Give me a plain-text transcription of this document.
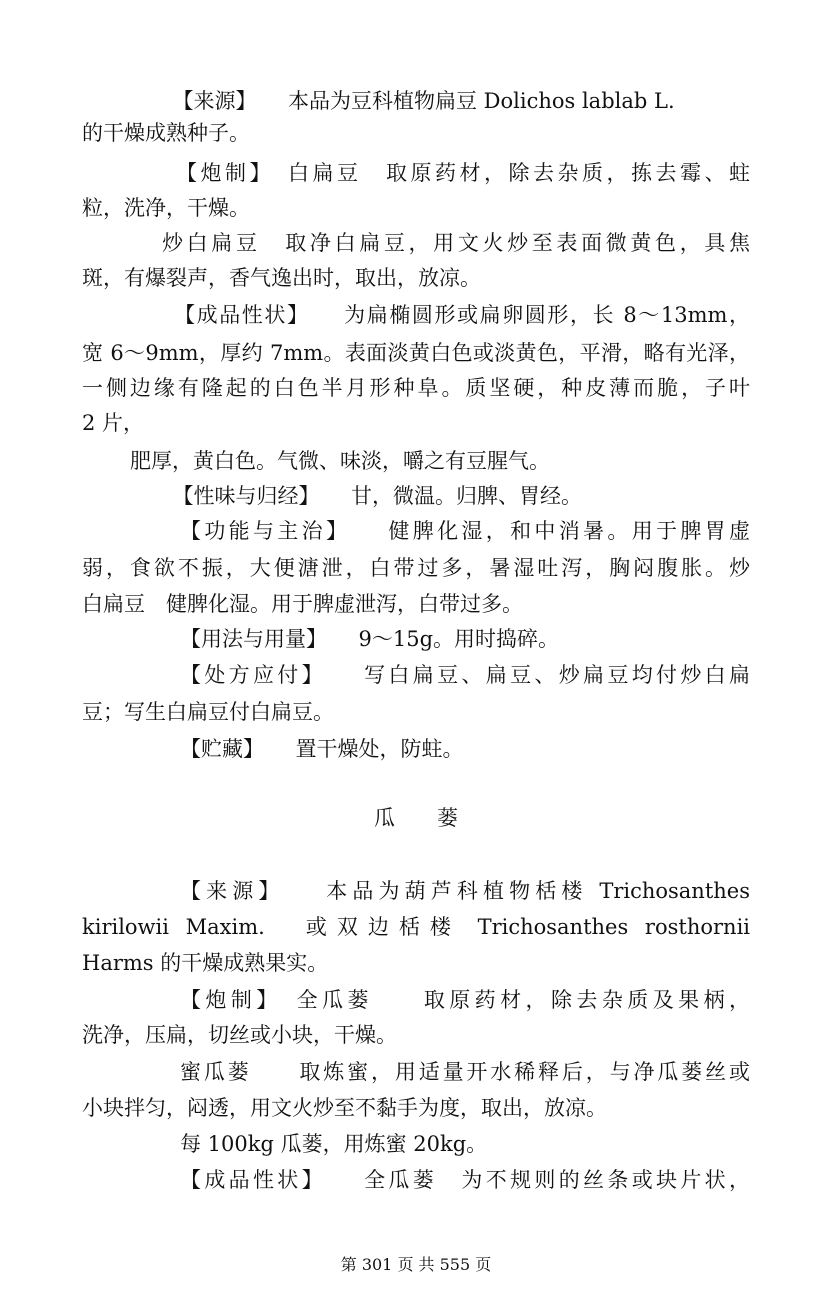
　【来源】　　本品为豆科植物扁豆 Dolichos lablab L.

的干燥成熟种子。

　【炮制】　白扁豆　取原药材，除去杂质，拣去霉、蛀

粒，洗净，干燥。

炒白扁豆　取净白扁豆，用文火炒至表面微黄色，具焦

斑，有爆裂声，香气逸出时，取出，放凉。

　【成品性状】　　为扁椭圆形或扁卵圆形，长 8～13mm，

宽 6～9mm，厚约 7mm。表面淡黄白色或淡黄色，平滑，略有光泽，

一侧边缘有隆起的白色半月形种阜。质坚硬，种皮薄而脆，子叶

2 片，

肥厚，黄白色。气微、味淡，嚼之有豆腥气。

　【性味与归经】　　甘，微温。归脾、胃经。

【功能与主治】　　健脾化湿，和中消暑。用于脾胃虚

弱，食欲不振，大便溏泄，白带过多，暑湿吐泻，胸闷腹胀。炒

白扁豆　健脾化湿。用于脾虚泄泻，白带过多。

【用法与用量】　　9～15g。用时捣碎。

【处方应付】　　写白扁豆、扁豆、炒扁豆均付炒白扁

豆；写生白扁豆付白扁豆。

【贮藏】　　置干燥处，防蛀。

瓜　　蒌

【来源】　　本品为葫芦科植物栝楼 Trichosanthes

kirilowii Maxim.　或双边栝楼 Trichosanthes rosthornii

Harms 的干燥成熟果实。

【炮制】　全瓜蒌　　取原药材，除去杂质及果柄，

洗净，压扁，切丝或小块，干燥。

蜜瓜蒌　　取炼蜜，用适量开水稀释后，与净瓜蒌丝或

小块拌匀，闷透，用文火炒至不黏手为度，取出，放凉。

每 100kg 瓜蒌，用炼蜜 20kg。

【成品性状】　　全瓜蒌　为不规则的丝条或块片状，

第 301 页 共 555 页
